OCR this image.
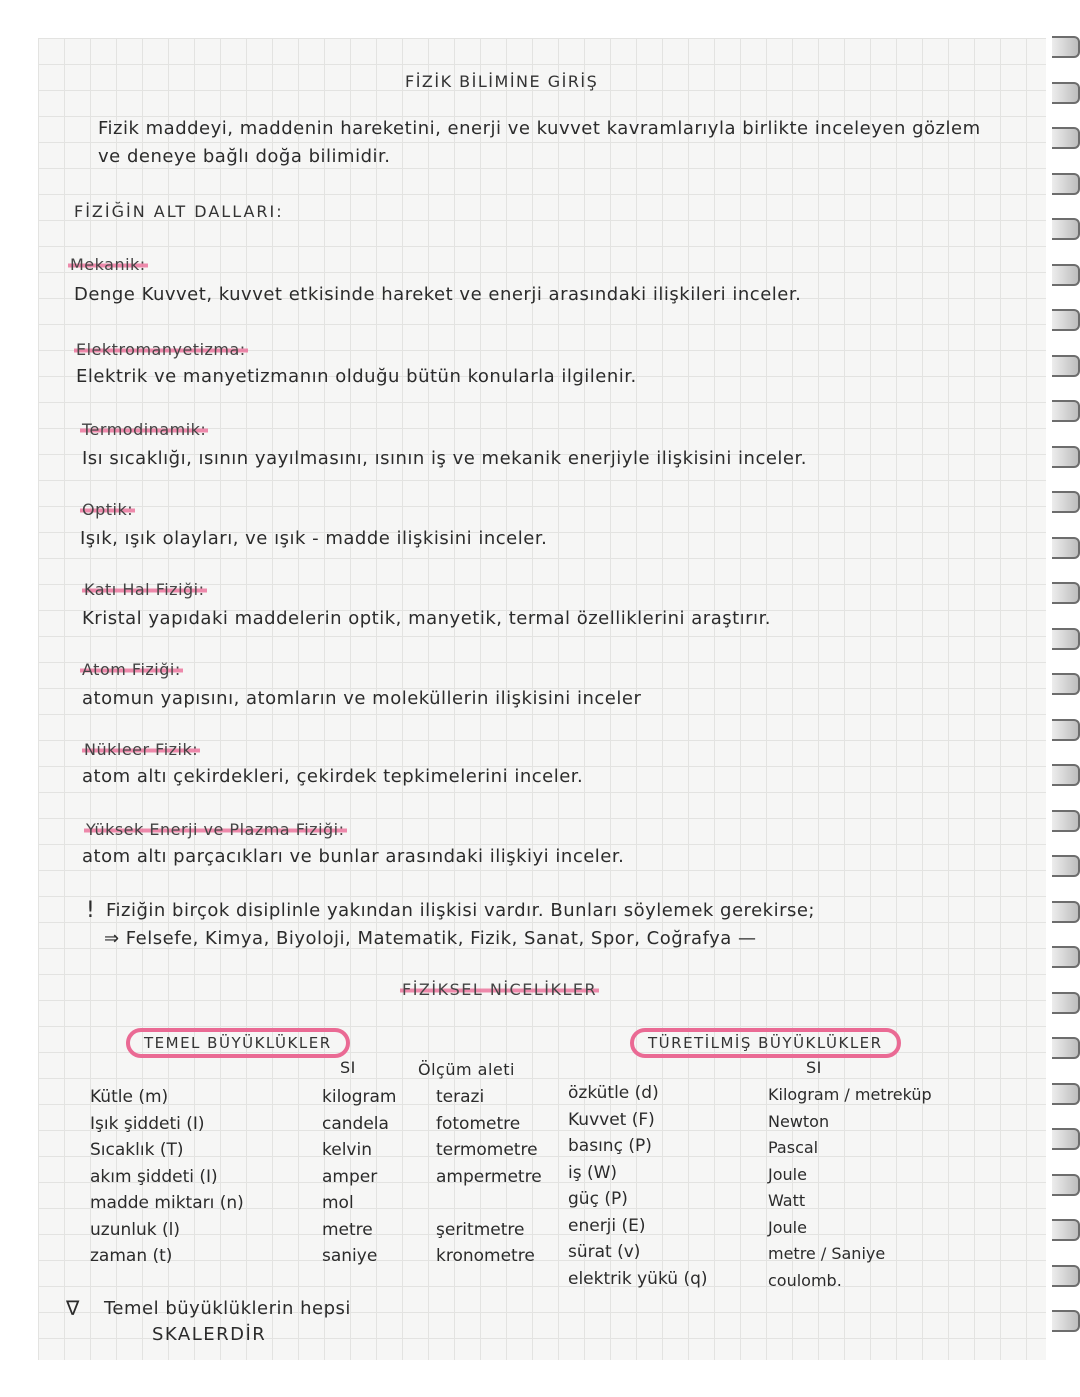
FİZİK BİLİMİNE GİRİŞ
Fizik maddeyi, maddenin hareketini, enerji ve kuvvet kavramlarıyla birlikte inceleyen gözlem
ve deneye bağlı doğa bilimidir.
FİZİĞİN ALT DALLARI:
Mekanik:
Denge Kuvvet, kuvvet etkisinde hareket ve enerji arasındaki ilişkileri inceler.
Elektromanyetizma:
Elektrik ve manyetizmanın olduğu bütün konularla ilgilenir.
Termodinamik:
Isı sıcaklığı, ısının yayılmasını, ısının iş ve mekanik enerjiyle ilişkisini inceler.
Optik:
Işık, ışık olayları, ve ışık - madde ilişkisini inceler.
Katı Hal Fiziği:
Kristal yapıdaki maddelerin optik, manyetik, termal özelliklerini araştırır.
Atom Fiziği:
atomun yapısını, atomların ve moleküllerin ilişkisini inceler
Nükleer Fizik:
atom altı çekirdekleri, çekirdek tepkimelerini inceler.
Yüksek Enerji ve Plazma Fiziği:
atom altı parçacıkları ve bunlar arasındaki ilişkiyi inceler.
! Fiziğin birçok disiplinle yakından ilişkisi vardır. Bunları söylemek gerekirse;
⇒ Felsefe, Kimya, Biyoloji, Matematik, Fizik, Sanat, Spor, Coğrafya —
FİZİKSEL NİCELİKLER
TEMEL BÜYÜKLÜKLER
SI	Ölçüm aleti
Kütle (m)
Işık şiddeti (I)
Sıcaklık (T)
akım şiddeti (I)
madde miktarı (n)
uzunluk (l)
zaman (t)
kilogram
candela
kelvin
amper
mol
metre
saniye
terazi
fotometre
termometre
ampermetre
şeritmetre
kronometre
TÜRETİLMİŞ BÜYÜKLÜKLER
SI
özkütle (d)
Kuvvet (F)
basınç (P)
iş (W)
güç (P)
enerji (E)
sürat (v)
elektrik yükü (q)
Kilogram / metreküp
Newton
Pascal
Joule
Watt
Joule
metre / Saniye
coulomb.
∇ Temel büyüklüklerin hepsi
SKALERDİR
